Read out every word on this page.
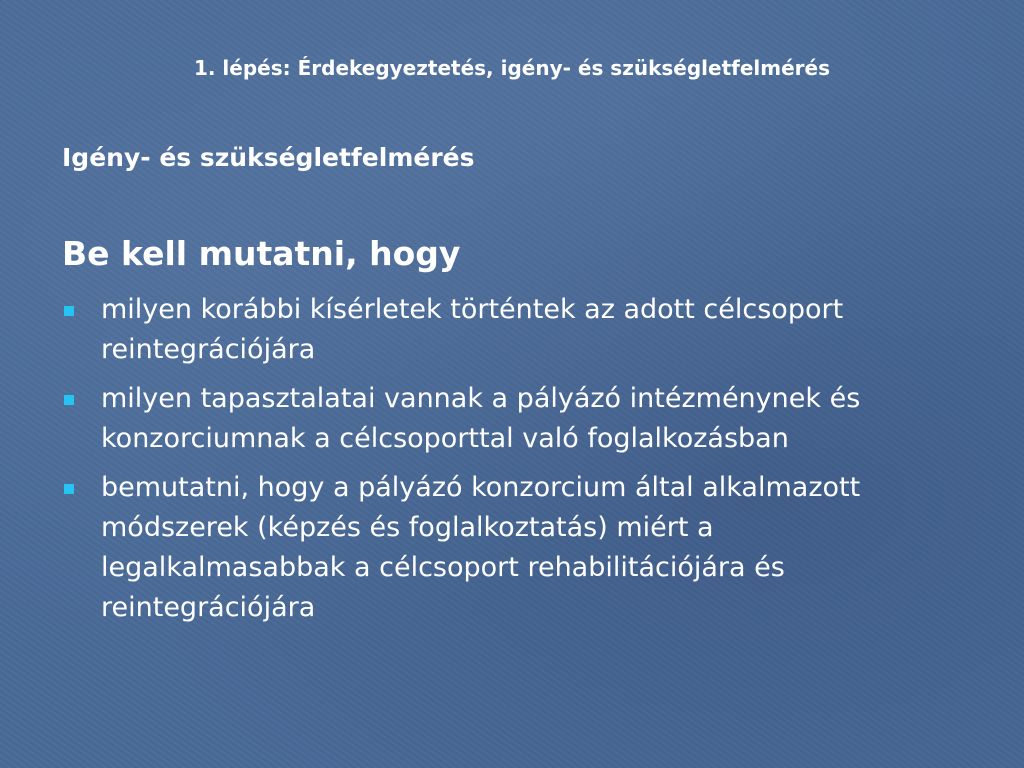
1. lépés: Érdekegyeztetés, igény- és szükségletfelmérés
Igény- és szükségletfelmérés
Be kell mutatni, hogy
milyen korábbi kísérletek történtek az adott célcsoport reintegrációjára
milyen tapasztalatai vannak a pályázó intézménynek és konzorciumnak a célcsoporttal való foglalkozásban
bemutatni, hogy a pályázó konzorcium által alkalmazott módszerek (képzés és foglalkoztatás) miért a legalkalmasabbak a célcsoport rehabilitációjára és reintegrációjára
